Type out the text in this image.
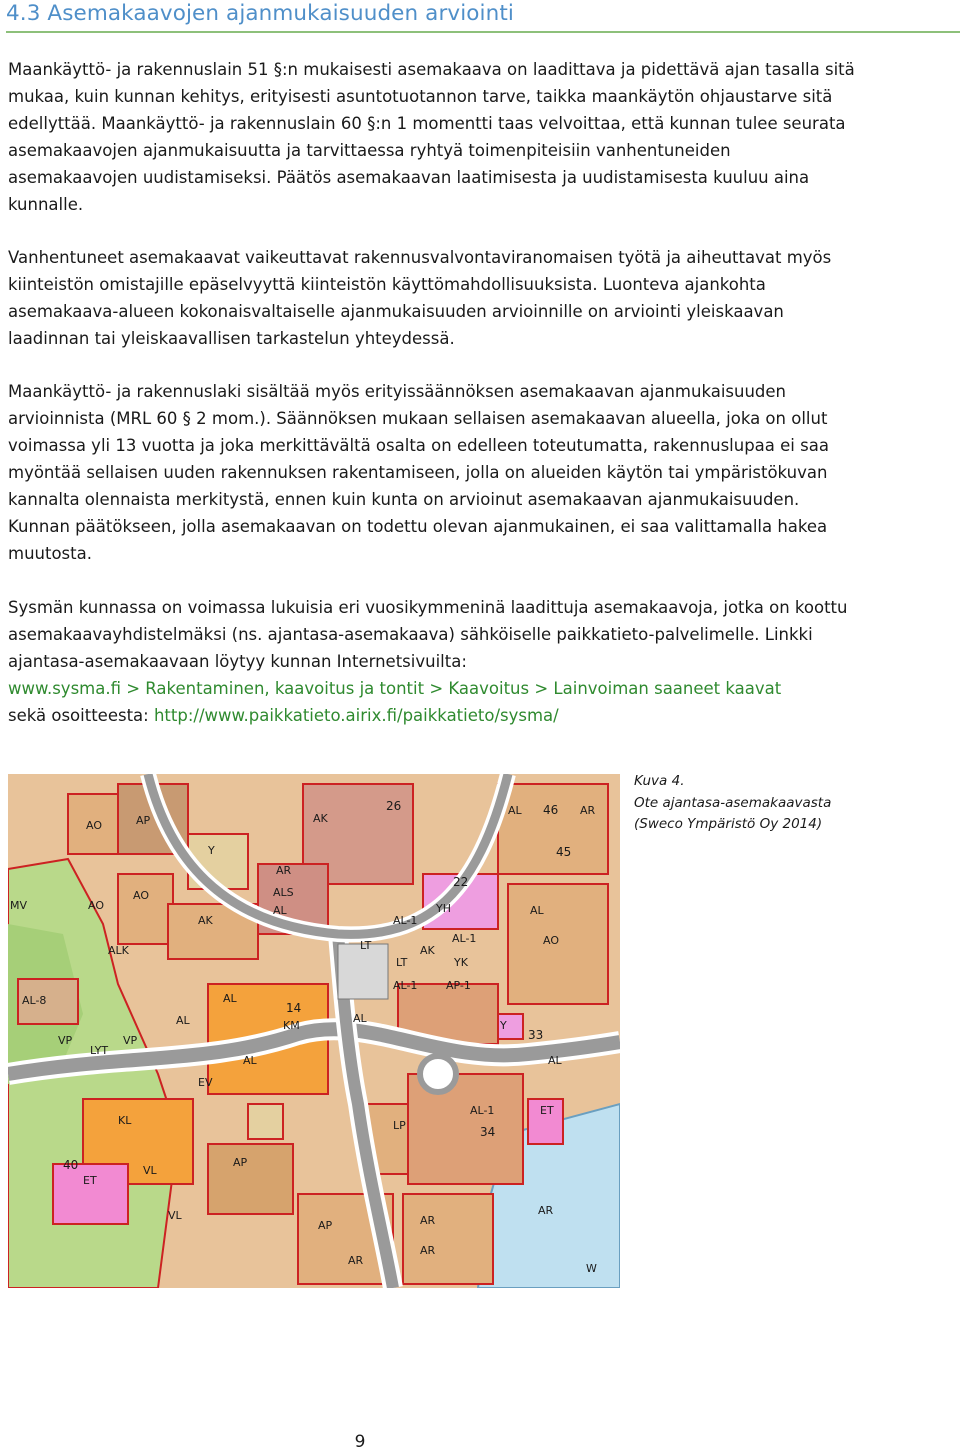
4.3 Asemakaavojen ajanmukaisuuden arviointi

Maankäyttö- ja rakennuslain 51 §:n mukaisesti asemakaava on laadittava ja pidettävä ajan tasalla sitä mukaa, kuin kunnan kehitys, erityisesti asuntotuotannon tarve, taikka maankäytön ohjaustarve sitä edellyttää. Maankäyttö- ja rakennuslain 60 §:n 1 momentti taas velvoittaa, että kunnan tulee seurata asemakaavojen ajanmukaisuutta ja tarvittaessa ryhtyä toimenpiteisiin vanhentuneiden asemakaavojen uudistamiseksi. Päätös asemakaavan laatimisesta ja uudistamisesta kuuluu aina kunnalle.

Vanhentuneet asemakaavat vaikeuttavat rakennusvalvontaviranomaisen työtä ja aiheuttavat myös kiinteistön omistajille epäselvyyttä kiinteistön käyttömahdollisuuksista. Luonteva ajankohta asemakaava-alueen kokonaisvaltaiselle ajanmukaisuuden arvioinnille on arviointi yleiskaavan laadinnan tai yleiskaavallisen tarkastelun yhteydessä.

Maankäyttö- ja rakennuslaki sisältää myös erityissäännöksen asemakaavan ajanmukaisuuden arvioinnista (MRL 60 § 2 mom.). Säännöksen mukaan sellaisen asemakaavan alueella, joka on ollut voimassa yli 13 vuotta ja joka merkittävältä osalta on edelleen toteutumatta, rakennuslupaa ei saa myöntää sellaisen uuden rakennuksen rakentamiseen, jolla on alueiden käytön tai ympäristökuvan kannalta olennaista merkitystä, ennen kuin kunta on arvioinut asemakaavan ajanmukaisuuden. Kunnan päätökseen, jolla asemakaavan on todettu olevan ajanmukainen, ei saa valittamalla hakea muutosta.

Sysmän kunnassa on voimassa lukuisia eri vuosikymmeninä laadittuja asemakaavoja, jotka on koottu asemakaavayhdistelmäksi (ns. ajantasa-asemakaava) sähköiselle paikkatieto-palvelimelle. Linkki ajantasa-asemakaavaan löytyy kunnan Internetsivuilta:
www.sysma.fi > Rakentaminen, kaavoitus ja tontit > Kaavoitus > Lainvoiman saaneet kaavat
sekä osoitteesta: http://www.paikkatieto.airix.fi/paikkatieto/sysma/

AP
Y
AO
AO
AO
MV
ALK
AL-8
LYT
VP	VP
AK
AR
ALS
AL
AL
AL
14
KM
AL
AL
EV
26
AK
46 AR
45
AL
AL
22
YH
AL-1
LT	AK
LT
AL-1
YK
AP-1
AL-1
Y
33
AL
KL
AP
LP
40
ET
VL
VL
AL-1
34
ET
AR
AR
AR
W
AP
AR
AO
Kuva 4.
Ote ajantasa-asemakaavasta
(Sweco Ympäristö Oy 2014)
9
